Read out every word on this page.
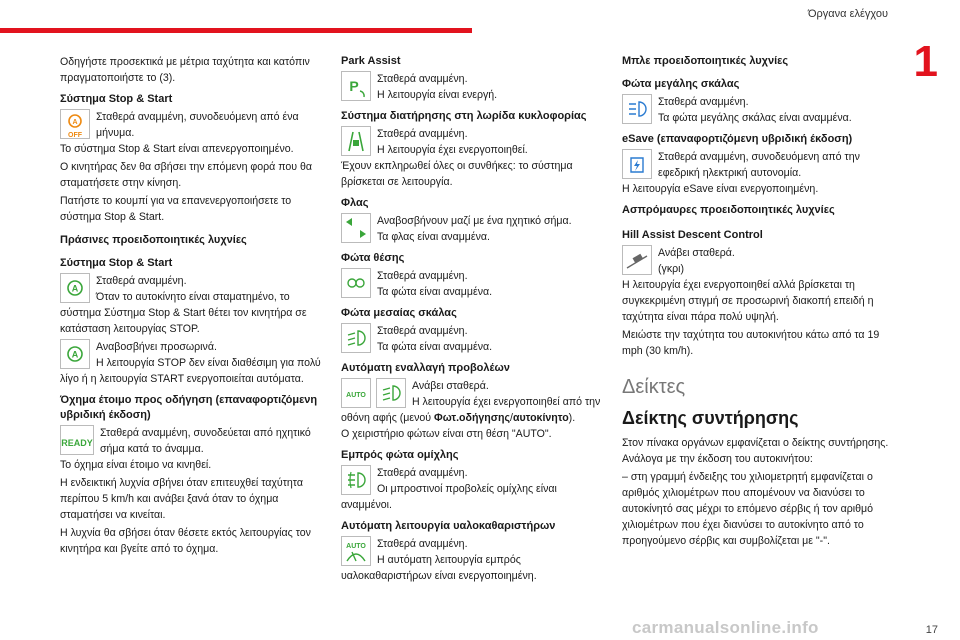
Όργανα ελέγχου
1

Οδηγήστε προσεκτικά με μέτρια ταχύτητα και κατόπιν πραγματοποιήστε το (3).

Σύστημα Stop & Start
A
OFF
Σταθερά αναμμένη, συνοδευόμενη από ένα μήνυμα.

Το σύστημα Stop & Start είναι απενεργοποιημένο.

Ο κινητήρας δεν θα σβήσει την επόμενη φορά που θα σταματήσετε στην κίνηση.

Πατήστε το κουμπί για να επανενεργοποιήσετε το σύστημα Stop & Start.

Πράσινες προειδοποιητικές λυχνίες
Σύστημα Stop & Start
A
Σταθερά αναμμένη.
Όταν το αυτοκίνητο είναι σταματημένο, το σύστημα Σύστημα Stop & Start θέτει τον κινητήρα σε κατάσταση λειτουργίας STOP.
A
Αναβοσβήνει προσωρινά.
Η λειτουργία STOP δεν είναι διαθέσιμη για πολύ λίγο ή η λειτουργία START ενεργοποιείται αυτόματα.
Όχημα έτοιμο προς οδήγηση (επαναφορτιζόμενη υβριδική έκδοση)
READY
Σταθερά αναμμένη, συνοδεύεται από ηχητικό σήμα κατά το άναμμα.

Το όχημα είναι έτοιμο να κινηθεί.

Η ενδεικτική λυχνία σβήνει όταν επιτευχθεί ταχύτητα περίπου 5 km/h και ανάβει ξανά όταν το όχημα σταματήσει να κινείται.

Η λυχνία θα σβήσει όταν θέσετε εκτός λειτουργίας τον κινητήρα και βγείτε από το όχημα.

Park Assist
P	Σταθερά αναμμένη.
Η λειτουργία είναι ενεργή.
Σύστημα διατήρησης στη λωρίδα κυκλοφορίας
Σταθερά αναμμένη.
Η λειτουργία έχει ενεργοποιηθεί.

Έχουν εκπληρωθεί όλες οι συνθήκες: το σύστημα βρίσκεται σε λειτουργία.

Φλας
Αναβοσβήνουν μαζί με ένα ηχητικό σήμα.
Τα φλας είναι αναμμένα.
Φώτα θέσης
Σταθερά αναμμένη.
Τα φώτα είναι αναμμένα.
Φώτα μεσαίας σκάλας
Σταθερά αναμμένη.
Τα φώτα είναι αναμμένα.
Αυτόματη εναλλαγή προβολέων
AUTO

Ανάβει σταθερά.
Η λειτουργία έχει ενεργοποιηθεί από την οθόνη αφής (μενού Φωτ.οδήγησης/αυτοκίνητο).

Ο χειριστήριο φώτων είναι στη θέση "AUTO".

Εμπρός φώτα ομίχλης
Σταθερά αναμμένη.
Οι μπροστινοί προβολείς ομίχλης είναι αναμμένοι.
Αυτόματη λειτουργία υαλοκαθαριστήρων
AUTO	Σταθερά αναμμένη.
Η αυτόματη λειτουργία εμπρός υαλοκαθαριστήρων είναι ενεργοποιημένη.
Μπλε προειδοποιητικές λυχνίες
Φώτα μεγάλης σκάλας
Σταθερά αναμμένη.
Τα φώτα μεγάλης σκάλας είναι αναμμένα.
eSave (επαναφορτιζόμενη υβριδική έκδοση)
Σταθερά αναμμένη, συνοδευόμενη από την εφεδρική ηλεκτρική αυτονομία.

Η λειτουργία eSave είναι ενεργοποιημένη.

Ασπρόμαυρες προειδοποιητικές λυχνίες
Hill Assist Descent Control
Ανάβει σταθερά.
(γκρι)

Η λειτουργία έχει ενεργοποιηθεί αλλά βρίσκεται τη συγκεκριμένη στιγμή σε προσωρινή διακοπή επειδή η ταχύτητα είναι πάρα πολύ υψηλή.

Μειώστε την ταχύτητα του αυτοκινήτου κάτω από τα 19 mph (30 km/h).

Δείκτες
Δείκτης συντήρησης

Στον πίνακα οργάνων εμφανίζεται ο δείκτης συντήρησης. Ανάλογα με την έκδοση του αυτοκινήτου:

– στη γραμμή ένδειξης του χιλιομετρητή εμφανίζεται ο αριθμός χιλιομέτρων που απομένουν να διανύσει το αυτοκίνητό σας μέχρι το επόμενο σέρβις ή τον αριθμό χιλιομέτρων που έχει διανύσει το αυτοκίνητο από το προηγούμενο σέρβις και συμβολίζεται με "-".

17
carmanualsonline.info
